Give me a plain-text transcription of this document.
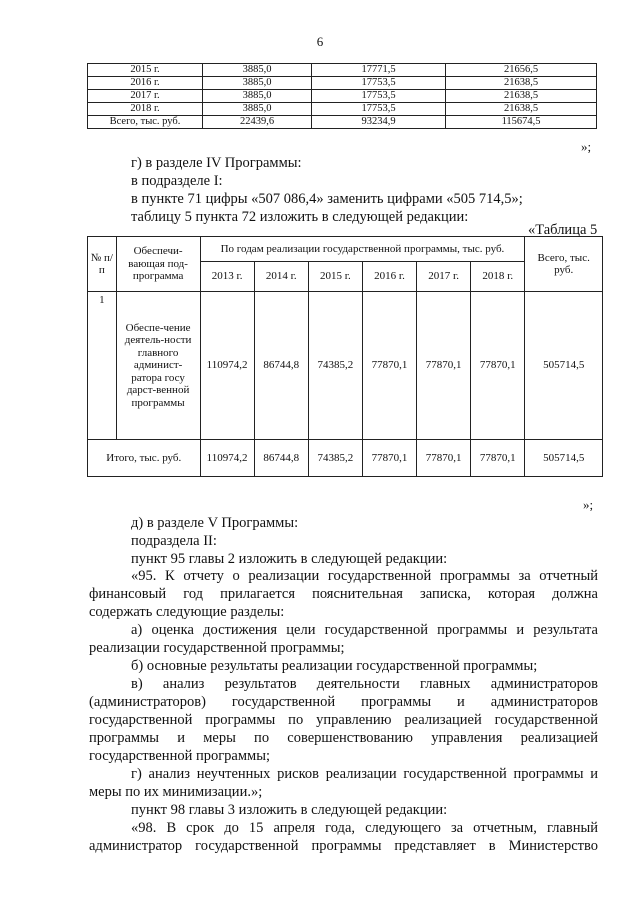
6
2015 г.	3885,0	17771,5	21656,5
2016 г.	3885,0	17753,5	21638,5
2017 г.	3885,0	17753,5	21638,5
2018 г.	3885,0	17753,5	21638,5
Всего, тыс. руб.	22439,6	93234,9	115674,5
»;
г) в разделе IV Программы:
в подразделе I:
в пункте 71 цифры «507 086,4» заменить цифрами «505 714,5»;
таблицу 5 пункта 72 изложить в следующей редакции:
«Таблица 5
№ п/п	Обеспечи-вающая под-программа	По годам реализации государственной программы, тыс. руб.						Всего, тыс. руб.
		2013 г.	2014 г.	2015 г.	2016 г.	2017 г.	2018 г.	
1	Обеспе-чение деятель-ности главного админист-ратора госу дарст-венной программы	110974,2	86744,8	74385,2	77870,1	77870,1	77870,1	505714,5
Итого, тыс. руб.		110974,2	86744,8	74385,2	77870,1	77870,1	77870,1	505714,5
»;
д) в разделе V Программы:
подраздела II:
пункт 95 главы 2 изложить в следующей редакции:
«95. К отчету о реализации государственной программы за отчетный
финансовый год прилагается пояснительная записка, которая должна
содержать следующие разделы:
а) оценка достижения цели государственной программы и результата
реализации государственной программы;
б) основные результаты реализации государственной программы;
в) анализ результатов деятельности главных администраторов
(администраторов) государственной программы и администраторов
государственной программы по управлению реализацией государственной
программы и меры по совершенствованию управления реализацией
государственной программы;
г) анализ неучтенных рисков реализации государственной программы и
меры по их минимизации.»;
пункт 98 главы 3 изложить в следующей редакции:
«98. В срок до 15 апреля года, следующего за отчетным, главный
администратор государственной программы представляет в Министерство
